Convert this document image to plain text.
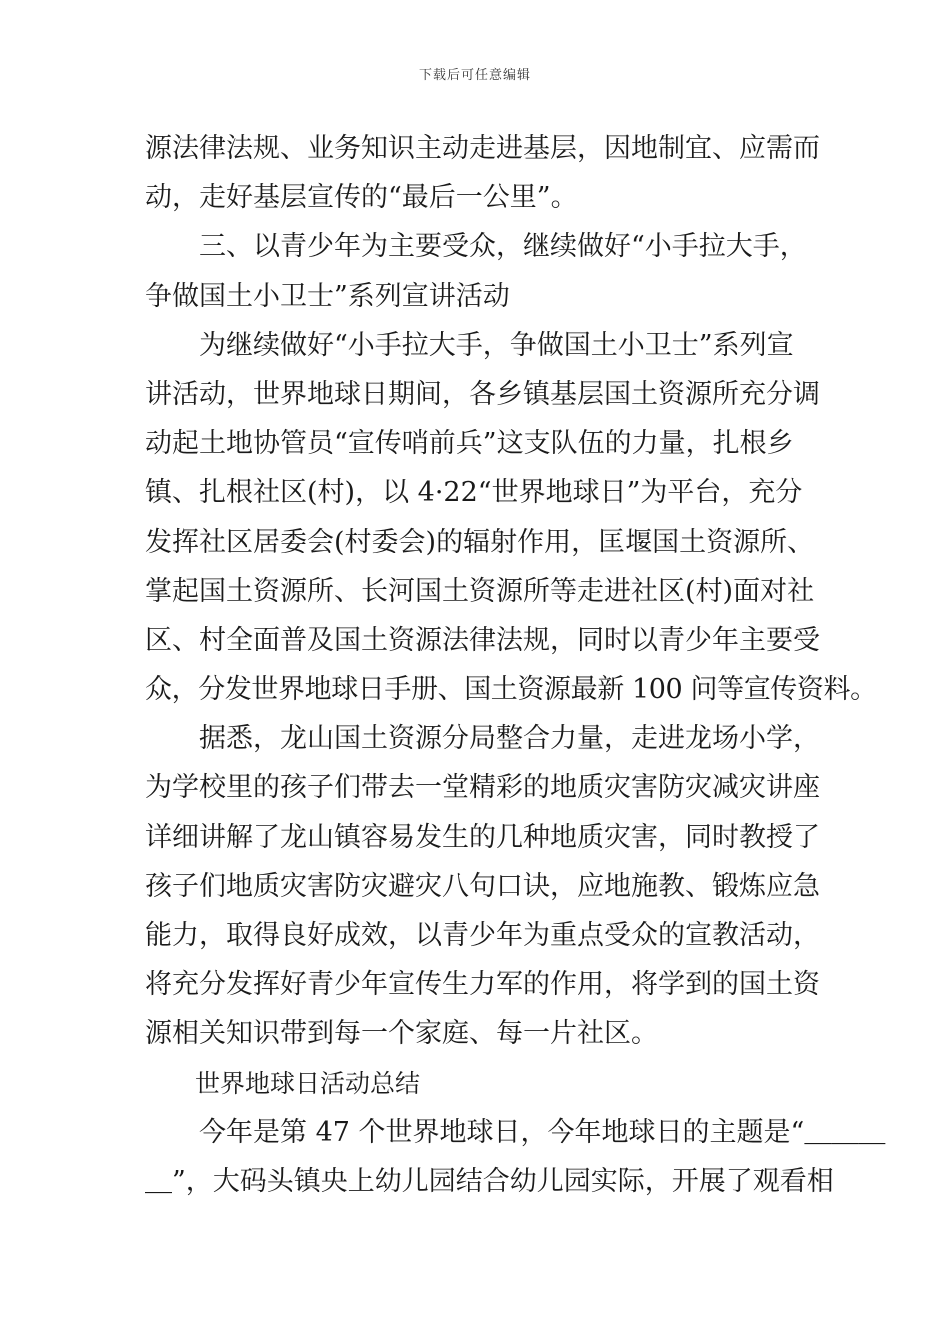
下载后可任意编辑
源法律法规、业务知识主动走进基层，因地制宜、应需而
动，走好基层宣传的“最后一公里”。
　　三、以青少年为主要受众，继续做好“小手拉大手，
争做国土小卫士”系列宣讲活动
　　为继续做好“小手拉大手，争做国土小卫士”系列宣
讲活动，世界地球日期间，各乡镇基层国土资源所充分调
动起土地协管员“宣传哨前兵”这支队伍的力量，扎根乡
镇、扎根社区(村)，以 4·22“世界地球日”为平台，充分
发挥社区居委会(村委会)的辐射作用，匡堰国土资源所、
掌起国土资源所、长河国土资源所等走进社区(村)面对社
区、村全面普及国土资源法律法规，同时以青少年主要受
众，分发世界地球日手册、国土资源最新 100 问等宣传资料。
　　据悉，龙山国土资源分局整合力量，走进龙场小学，
为学校里的孩子们带去一堂精彩的地质灾害防灾减灾讲座
详细讲解了龙山镇容易发生的几种地质灾害，同时教授了
孩子们地质灾害防灾避灾八句口诀，应地施教、锻炼应急
能力，取得良好成效，以青少年为重点受众的宣教活动，
将充分发挥好青少年宣传生力军的作用，将学到的国土资
源相关知识带到每一个家庭、每一片社区。
　　世界地球日活动总结
　　今年是第 47 个世界地球日，今年地球日的主题是“＿＿＿
＿”，大码头镇央上幼儿园结合幼儿园实际，开展了观看相
